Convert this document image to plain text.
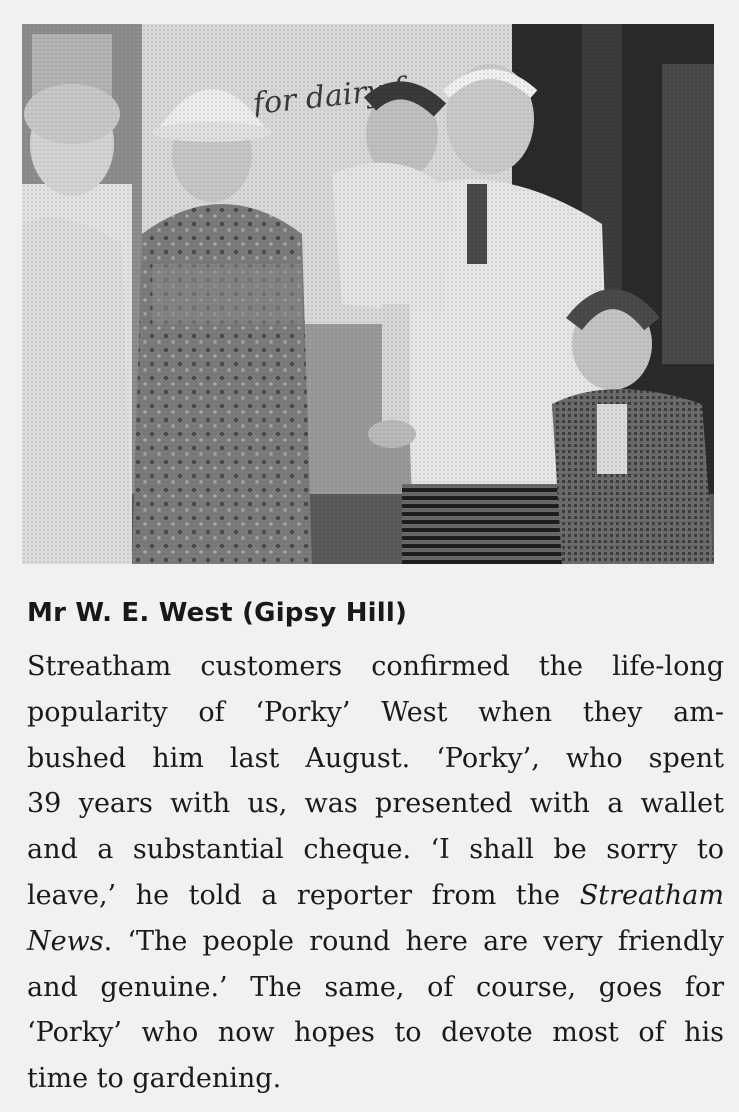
Mr W. E. West (Gipsy Hill)
Streatham customers confirmed the life-long
popularity of ‘Porky’ West when they am-
bushed him last August. ‘Porky’, who spent
39 years with us, was presented with a wallet
and a substantial cheque. ‘I shall be sorry to
leave,’ he told a reporter from the Streatham
News. ‘The people round here are very friendly
and genuine.’ The same, of course, goes for
‘Porky’ who now hopes to devote most of his
time to gardening.
